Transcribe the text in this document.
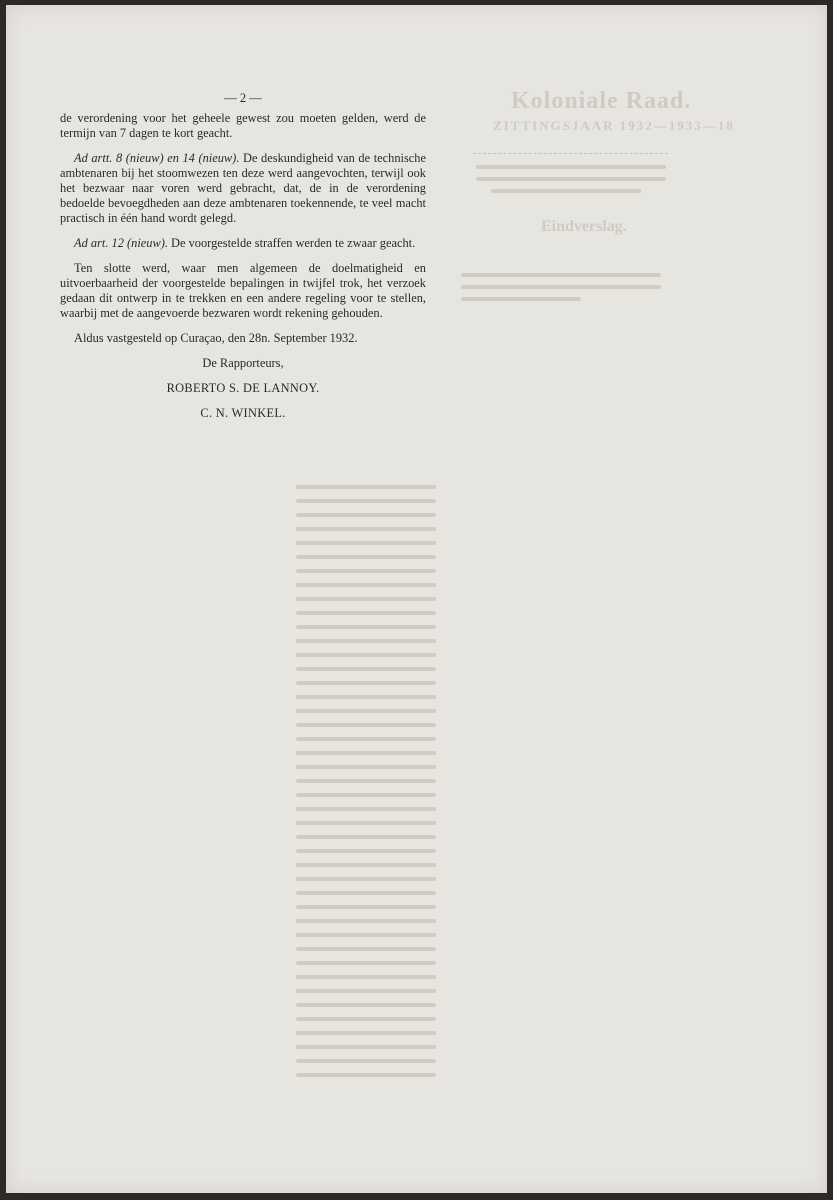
Koloniale Raad.
ZITTINGSJAAR 1932—1933—18
Eindverslag.
— 2 —

de verordening voor het geheele gewest zou moeten gelden, werd de termijn van 7 dagen te kort geacht.

Ad artt. 8 (nieuw) en 14 (nieuw). De deskundigheid van de technische ambtenaren bij het stoomwezen ten deze werd aangevochten, terwijl ook het bezwaar naar voren werd gebracht, dat, de in de verordening bedoelde bevoegdheden aan deze ambtenaren toekennende, te veel macht practisch in één hand wordt gelegd.

Ad art. 12 (nieuw). De voorgestelde straffen werden te zwaar geacht.

Ten slotte werd, waar men algemeen de doelmatigheid en uitvoerbaarheid der voorgestelde bepalingen in twijfel trok, het verzoek gedaan dit ontwerp in te trekken en een andere regeling voor te stellen, waarbij met de aangevoerde bezwaren wordt rekening gehouden.

Aldus vastgesteld op Curaçao, den 28n. September 1932.

De Rapporteurs,
ROBERTO S. DE LANNOY.
C. N. WINKEL.
